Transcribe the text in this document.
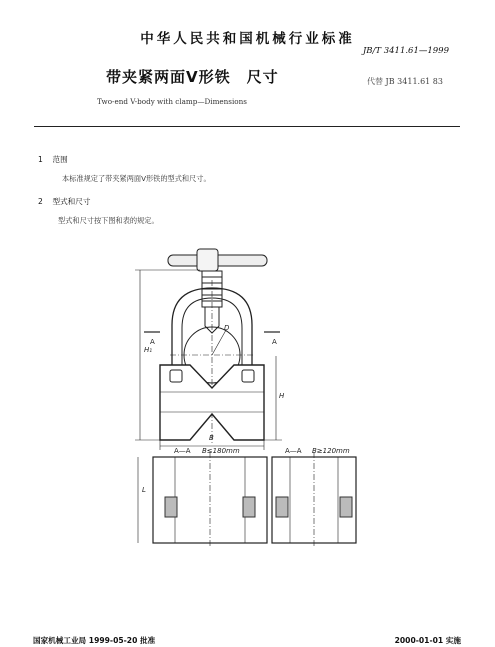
中华人民共和国机械行业标准
JB/T 3411.61—1999
带夹紧两面V形铁　尺寸	代替 JB 3411.61 83
Two-end V-body with clamp—Dimensions
1 范围
本标准规定了带夹紧两面V形铁的型式和尺寸。
2 型式和尺寸
型式和尺寸按下图和表的规定。
A	A
D
H₁
H
B
A—A B≤180mm	A—A B≥120mm
L
国家机械工业局 1999-05-20 批准	2000-01-01 实施
